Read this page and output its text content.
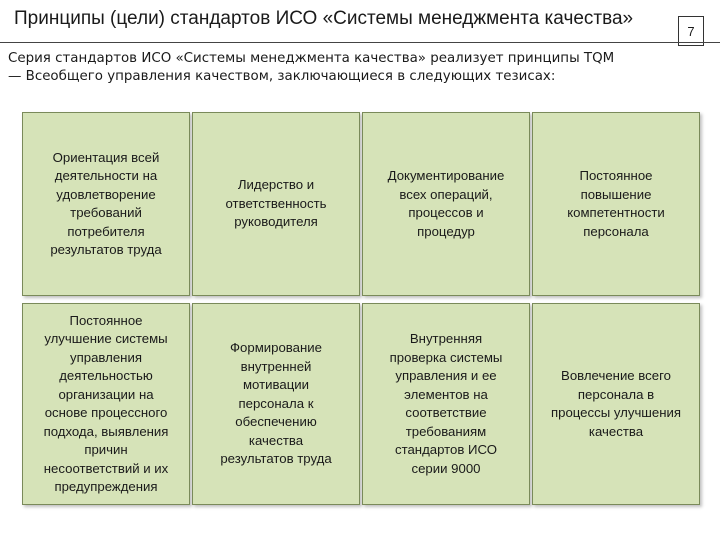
Принципы (цели) стандартов ИСО «Системы менеджмента качества»
7
Серия стандартов ИСО «Системы менеджмента качества» реализует принципы TQM
— Всеобщего управления качеством, заключающиеся в следующих тезисах:
Ориентация всей
деятельности на
удовлетворение
требований
потребителя
результатов труда
Лидерство и
ответственность
руководителя
Документирование
всех операций,
процессов и
процедур
Постоянное
повышение
компетентности
персонала
Постоянное
улучшение системы
управления
деятельностью
организации на
основе процессного
подхода, выявления
причин
несоответствий и их
предупреждения
Формирование
внутренней
мотивации
персонала к
обеспечению
качества
результатов труда
Внутренняя
проверка системы
управления и ее
элементов на
соответствие
требованиям
стандартов ИСО
серии 9000
Вовлечение всего
персонала в
процессы улучшения
качества
